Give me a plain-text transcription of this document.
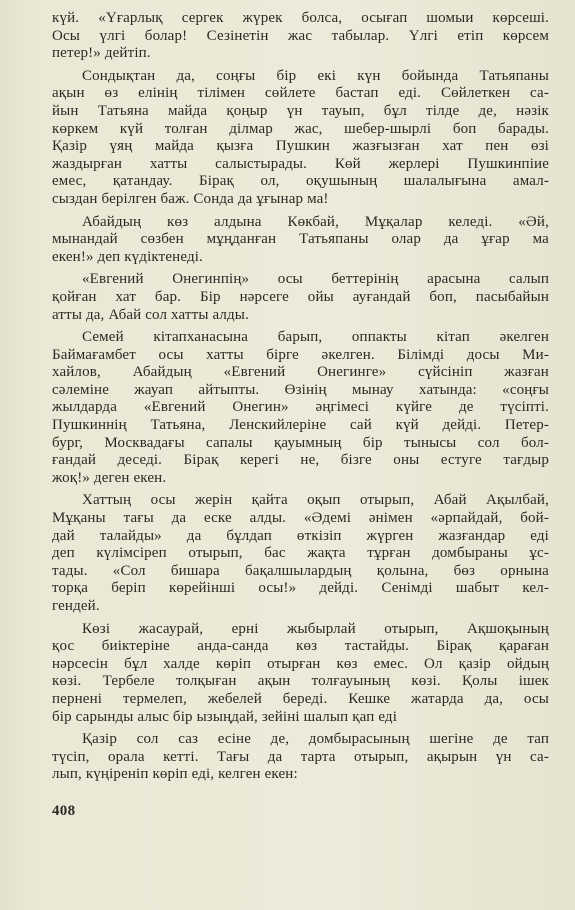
күй. «Үғарлық сергек жүрек болса, осығап шомыи көрсеші.
Осы үлгі болар! Сезінетін жас табылар. Үлгі етіп көрсем
петер!» дейтіп.

Сондықтан да, соңғы бір екі күн бойында Татьяпаны
ақын өз елінің тілімен сөйлете бастап еді. Сөйлеткен са-
йын Татьяна майда қоңыр үн тауып, бұл тілде де, нәзік
көркем күй толған ділмар жас, шебер-шырлі боп барады.
Қазір үяң майда қызға Пушкин жазғызған хат пен өзі
жаздырған хатты салыстырады. Көй жерлері Пушкинпіие
емес, қатандау. Бірақ ол, оқушының шалалығына амал-
сыздан берілген баж. Сонда да ұғынар ма!

Абайдың көз алдына Көкбай, Мұқалар келеді. «Әй,
мынандай сөзбен мұңданған Татьяпаны олар да ұғар ма
екен!» деп күдіктенеді.

«Евгений Онегинпің» осы беттерінің арасына салып
қойған хат бар. Бір нәрсеге ойы ауғандай боп, пасыбайын
атты да, Абай сол хатты алды.

Семей кітапханасына барып, оппакты кітап әкелген
Баймағамбет осы хатты бірге әкелген. Білімді досы Ми-
хайлов, Абайдың «Евгений Онегинге» сүйсініп жазған
сәлеміне жауап айтыпты. Өзінің мынау хатында: «соңғы
жылдарда «Евгений Онегин» әңгімесі күйге де түсіпті.
Пушкиннің Татьяна, Ленскийлеріне сай күй дейді. Петер-
бург, Москвадағы сапалы қауымның бір тынысы сол бол-
ғандай деседі. Бірақ керегі не, бізге оны естуге тағдыр
жоқ!» деген екен.

Хаттың осы жерін қайта оқып отырып, Абай Ақылбай,
Мұқаны тағы да еске алды. «Әдемі әнімен «әрпайдай, бой-
дай талайды» да бұлдап өткізіп жүрген жазғандар еді
деп күлімсіреп отырып, бас жақта тұрған домбыраны ұс-
тады. «Сол бишара бақалшылардың қолына, бөз орнына
торқа беріп көрейінші осы!» дейді. Сенімді шабыт кел-
гендей.

Көзі жасаурай, ерні жыбырлай отырып, Ақшоқының
қос биіктеріне анда-санда көз тастайды. Бірақ қараған
нәрсесін бұл халде көріп отырған көз емес. Ол қазір ойдың
көзі. Тербеле толқыған ақын толғауының көзі. Қолы ішек
пернені термелеп, жебелей береді. Кешке жатарда да, осы
бір сарынды алыс бір ызыңдай, зейіні шалып қап еді

Қазір сол саз есіне де, домбырасының шегіне де тап
түсіп, орала кетті. Тағы да тарта отырып, ақырын үн са-
лып, күңіреніп көріп еді, келген екен:

408
